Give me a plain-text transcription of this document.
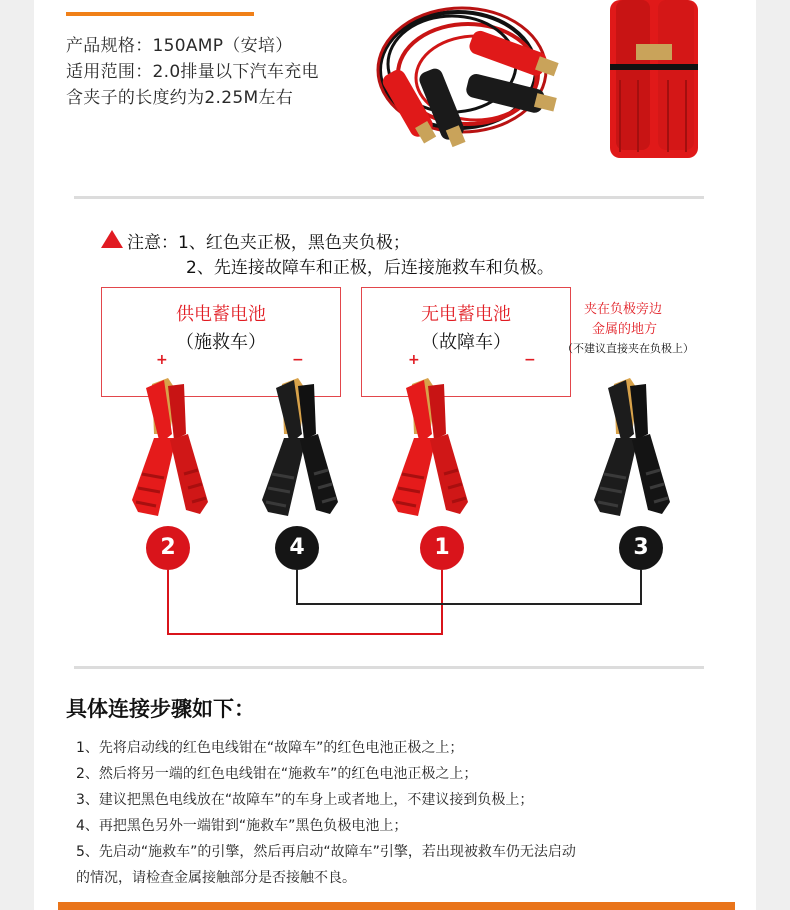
产品规格：150AMP（安培）
适用范围：2.0排量以下汽车充电
含夹子的长度约为2.25M左右
注意：1、红色夹正极，黑色夹负极；
2、先连接故障车和正极，后连接施救车和负极。
供电蓄电池
（施救车）
+	−
无电蓄电池
（故障车）
+	−
夹在负极旁边
金属的地方
（不建议直接夹在负极上）
2	4	1	3
具体连接步骤如下：
1、先将启动线的红色电线钳在“故障车”的红色电池正极之上；
2、然后将另一端的红色电线钳在“施救车”的红色电池正极之上；
3、建议把黑色电线放在“故障车”的车身上或者地上，不建议接到负极上；
4、再把黑色另外一端钳到“施救车”黑色负极电池上；
5、先启动“施救车”的引擎，然后再启动“故障车”引擎，若出现被救车仍无法启动
的情况，请检查金属接触部分是否接触不良。
